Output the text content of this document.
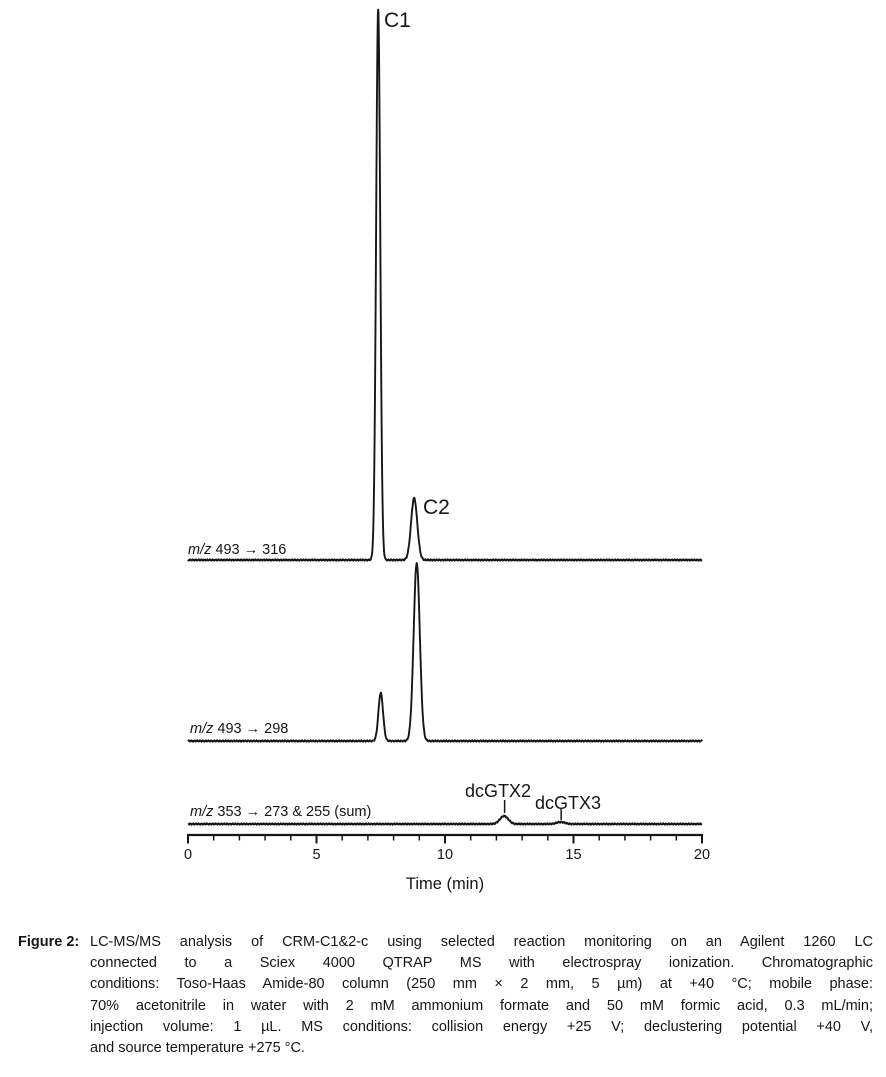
C1
C2
dcGTX2
dcGTX3
m/z 493 → 316
m/z 493 → 298
m/z 353 → 273 & 255 (sum)
0	5	10	15	20
Time (min)
Figure 2: LC-MS/MS analysis of CRM-C1&2-c using selected reaction monitoring on an Agilent 1260 LC
connected to a Sciex 4000 QTRAP MS with electrospray ionization. Chromatographic
conditions: Toso-Haas Amide-80 column (250 mm × 2 mm, 5 µm) at +40 °C; mobile phase:
70% acetonitrile in water with 2 mM ammonium formate and 50 mM formic acid, 0.3 mL/min;
injection volume: 1 µL. MS conditions: collision energy +25 V; declustering potential +40 V,
and source temperature +275 °C.
